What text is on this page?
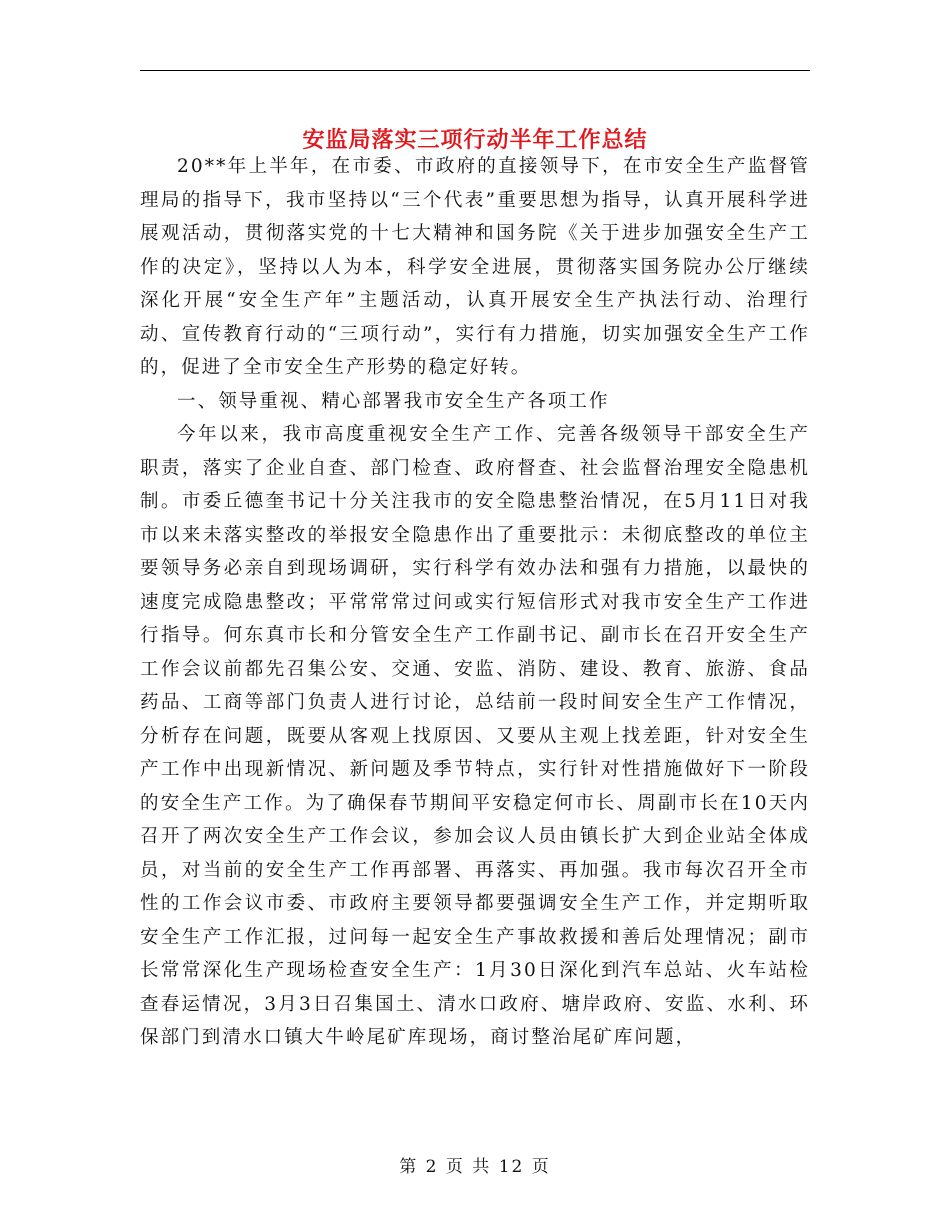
安监局落实三项行动半年工作总结

20**年上半年，在市委、市政府的直接领导下，在市安全生产监督管理局的指导下，我市坚持以“三个代表”重要思想为指导，认真开展科学进展观活动，贯彻落实党的十七大精神和国务院《关于进步加强安全生产工作的决定》，坚持以人为本，科学安全进展，贯彻落实国务院办公厅继续深化开展“安全生产年”主题活动，认真开展安全生产执法行动、治理行动、宣传教育行动的“三项行动”，实行有力措施，切实加强安全生产工作的，促进了全市安全生产形势的稳定好转。

一、领导重视、精心部署我市安全生产各项工作

今年以来，我市高度重视安全生产工作、完善各级领导干部安全生产职责，落实了企业自查、部门检查、政府督查、社会监督治理安全隐患机制。市委丘德奎书记十分关注我市的安全隐患整治情况，在5月11日对我市以来未落实整改的举报安全隐患作出了重要批示：未彻底整改的单位主要领导务必亲自到现场调研，实行科学有效办法和强有力措施，以最快的速度完成隐患整改；平常常常过问或实行短信形式对我市安全生产工作进行指导。何东真市长和分管安全生产工作副书记、副市长在召开安全生产工作会议前都先召集公安、交通、安监、消防、建设、教育、旅游、食品药品、工商等部门负责人进行讨论，总结前一段时间安全生产工作情况，分析存在问题，既要从客观上找原因、又要从主观上找差距，针对安全生产工作中出现新情况、新问题及季节特点，实行针对性措施做好下一阶段的安全生产工作。为了确保春节期间平安稳定何市长、周副市长在10天内召开了两次安全生产工作会议，参加会议人员由镇长扩大到企业站全体成员，对当前的安全生产工作再部署、再落实、再加强。我市每次召开全市性的工作会议市委、市政府主要领导都要强调安全生产工作，并定期听取安全生产工作汇报，过问每一起安全生产事故救援和善后处理情况；副市长常常深化生产现场检查安全生产：1月30日深化到汽车总站、火车站检查春运情况，3月3日召集国土、清水口政府、塘岸政府、安监、水利、环保部门到清水口镇大牛岭尾矿库现场，商讨整治尾矿库问题，

第 2 页 共 12 页
